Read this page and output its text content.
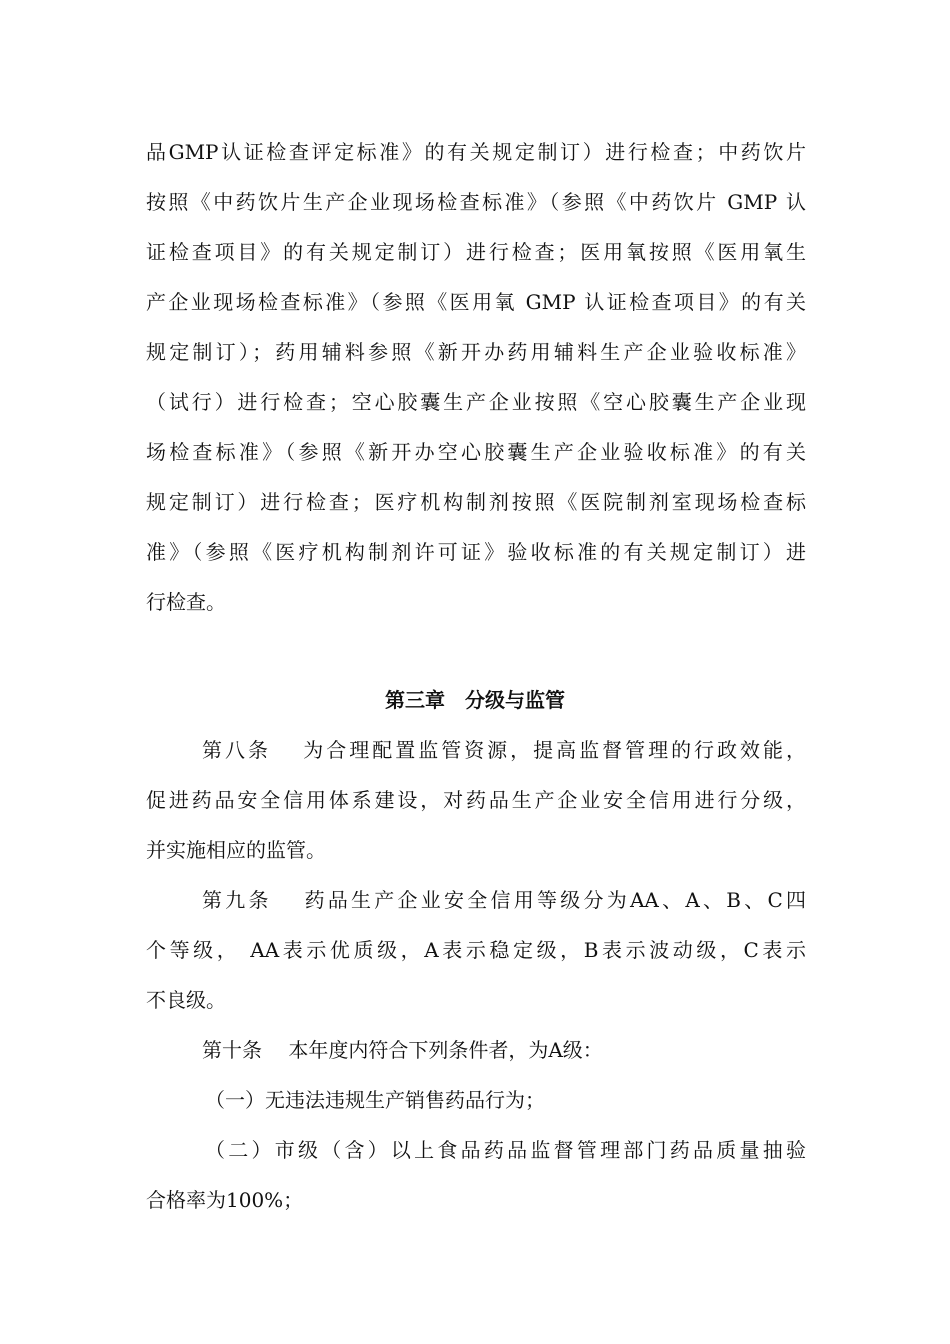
品GMP认证检查评定标准》的有关规定制订）进行检查；中药饮片
按照《中药饮片生产企业现场检查标准》（参照《中药饮片 GMP 认
证检查项目》的有关规定制订）进行检查；医用氧按照《医用氧生
产企业现场检查标准》（参照《医用氧 GMP 认证检查项目》的有关
规定制订）；药用辅料参照《新开办药用辅料生产企业验收标准》
（试行）进行检查；空心胶囊生产企业按照《空心胶囊生产企业现
场检查标准》（参照《新开办空心胶囊生产企业验收标准》的有关
规定制订）进行检查；医疗机构制剂按照《医院制剂室现场检查标
准》（参照《医疗机构制剂许可证》验收标准的有关规定制订）进
行检查。
第三章　分级与监管
第八条　 为合理配置监管资源，提高监督管理的行政效能，
促进药品安全信用体系建设，对药品生产企业安全信用进行分级，
并实施相应的监管。
第九条　 药品生产企业安全信用等级分为AA、A、B、C四
个等级， AA表示优质级，A表示稳定级，B表示波动级，C表示
不良级。
第十条　 本年度内符合下列条件者，为A级：
（一）无违法违规生产销售药品行为；
（二）市级（含）以上食品药品监督管理部门药品质量抽验
合格率为100%；
